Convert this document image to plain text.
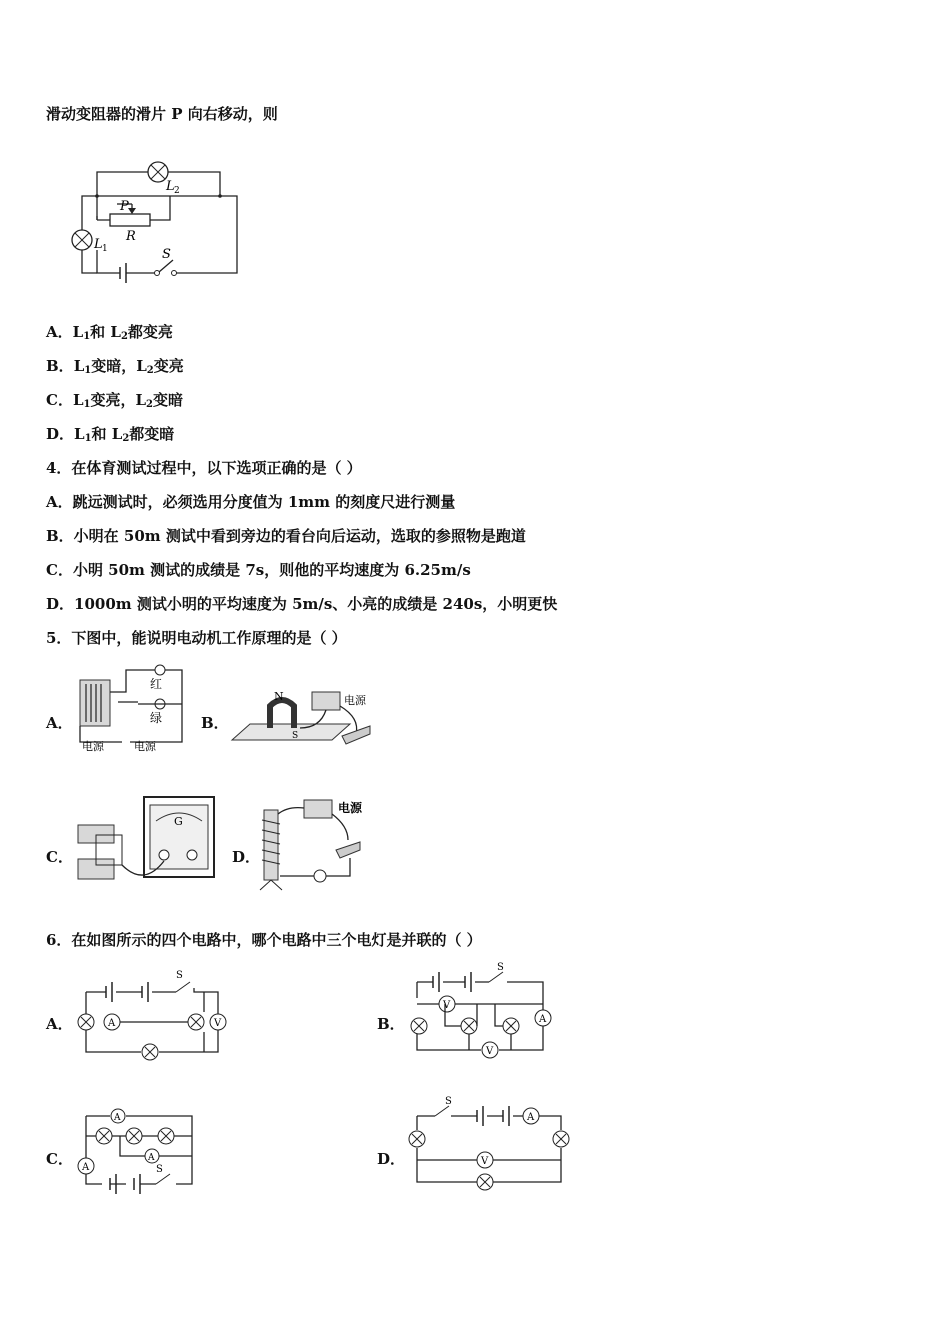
滑动变阻器的滑片 P 向右移动，则
S
L 1
L 2
P
R
A．$L_1$和 $L_2$都变亮
B．$L_1$变暗，$L_2$变亮
C．$L_1$变亮，$L_2$变暗
D．$L_1$和 $L_2$都变暗
4．在体育测试过程中，以下选项正确的是（ ）
A．跳远测试时，必须选用分度值为 1mm 的刻度尺进行测量
B．小明在 50m 测试中看到旁边的看台向后运动，选取的参照物是跑道
C．小明 50m 测试的成绩是 7s，则他的平均速度为 6.25m/s
D．1000m 测试小明的平均速度为 5m/s、小亮的成绩是 240s，小明更快
5．下图中，能说明电动机工作原理的是（ ）
A．
红
绿
电源	电源
B．
N
S
电源
C．
G
D．
电源
6．在如图所示的四个电路中，哪个电路中三个电灯是并联的（ ）
A．
S
A	V	B．
S
A
V
V
C．
A
A
A
S
D．
S
A
V
